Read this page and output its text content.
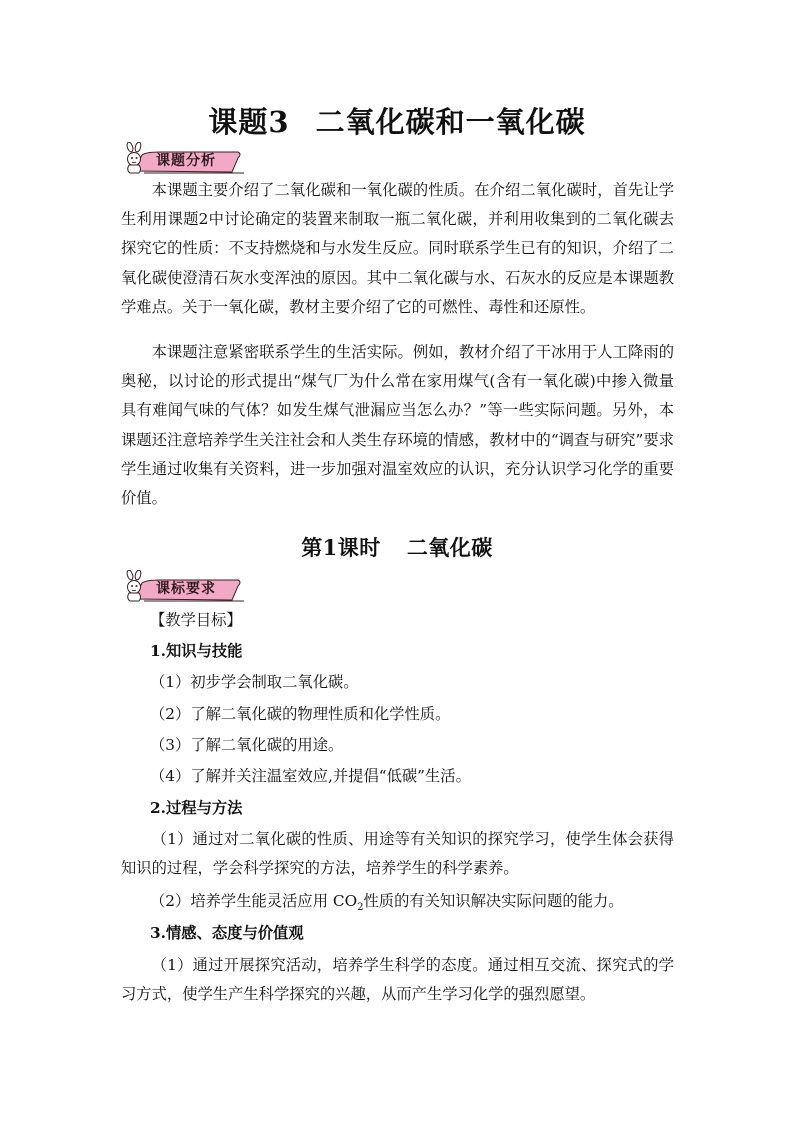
课题3 二氧化碳和一氧化碳
课题分析

本课题主要介绍了二氧化碳和一氧化碳的性质。在介绍二氧化碳时，首先让学生利用课题2中讨论确定的装置来制取一瓶二氧化碳，并利用收集到的二氧化碳去探究它的性质：不支持燃烧和与水发生反应。同时联系学生已有的知识，介绍了二氧化碳使澄清石灰水变浑浊的原因。其中二氧化碳与水、石灰水的反应是本课题教学难点。关于一氧化碳，教材主要介绍了它的可燃性、毒性和还原性。

本课题注意紧密联系学生的生活实际。例如，教材介绍了干冰用于人工降雨的奥秘，以讨论的形式提出“煤气厂为什么常在家用煤气(含有一氧化碳)中掺入微量具有难闻气味的气体？如发生煤气泄漏应当怎么办？”等一些实际问题。另外，本课题还注意培养学生关注社会和人类生存环境的情感，教材中的“调查与研究”要求学生通过收集有关资料，进一步加强对温室效应的认识，充分认识学习化学的重要价值。

第1课时 二氧化碳
课标要求

【教学目标】

1.知识与技能

（1）初步学会制取二氧化碳。

（2）了解二氧化碳的物理性质和化学性质。

（3）了解二氧化碳的用途。

（4）了解并关注温室效应,并提倡“低碳”生活。

2.过程与方法

（1）通过对二氧化碳的性质、用途等有关知识的探究学习，使学生体会获得知识的过程，学会科学探究的方法，培养学生的科学素养。

（2）培养学生能灵活应用 $CO_2$性质的有关知识解决实际问题的能力。

3.情感、态度与价值观

（1）通过开展探究活动，培养学生科学的态度。通过相互交流、探究式的学习方式，使学生产生科学探究的兴趣，从而产生学习化学的强烈愿望。
